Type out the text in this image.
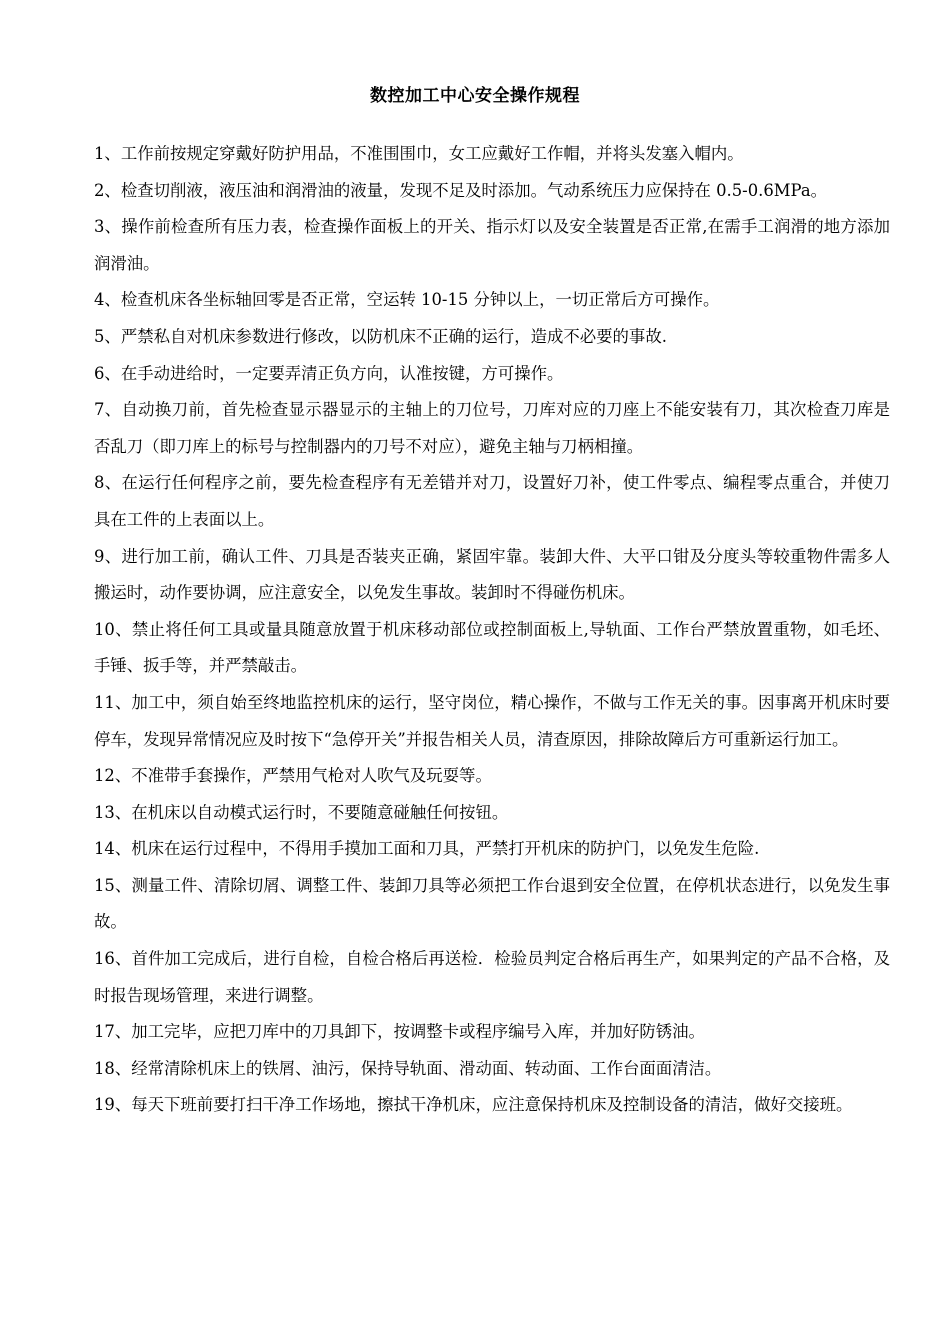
数控加工中心安全操作规程

1、工作前按规定穿戴好防护用品，不准围围巾，女工应戴好工作帽，并将头发塞入帽内。

2、检查切削液，液压油和润滑油的液量，发现不足及时添加。气动系统压力应保持在 0.5-0.6MPa。

3、操作前检查所有压力表，检查操作面板上的开关、指示灯以及安全装置是否正常,在需手工润滑的地方添加润滑油。

4、检查机床各坐标轴回零是否正常，空运转 10-15 分钟以上，一切正常后方可操作。

5、严禁私自对机床参数进行修改，以防机床不正确的运行，造成不必要的事故.

6、在手动进给时，一定要弄清正负方向，认准按键，方可操作。

7、自动换刀前，首先检查显示器显示的主轴上的刀位号，刀库对应的刀座上不能安装有刀，其次检查刀库是否乱刀（即刀库上的标号与控制器内的刀号不对应），避免主轴与刀柄相撞。

8、在运行任何程序之前，要先检查程序有无差错并对刀，设置好刀补，使工件零点、编程零点重合，并使刀具在工件的上表面以上。

9、进行加工前，确认工件、刀具是否装夹正确，紧固牢靠。装卸大件、大平口钳及分度头等较重物件需多人搬运时，动作要协调，应注意安全，以免发生事故。装卸时不得碰伤机床。

10、禁止将任何工具或量具随意放置于机床移动部位或控制面板上,导轨面、工作台严禁放置重物，如毛坯、手锤、扳手等，并严禁敲击。

11、加工中，须自始至终地监控机床的运行，坚守岗位，精心操作，不做与工作无关的事。因事离开机床时要停车，发现异常情况应及时按下“急停开关”并报告相关人员，清查原因，排除故障后方可重新运行加工。

12、不准带手套操作，严禁用气枪对人吹气及玩耍等。

13、在机床以自动模式运行时，不要随意碰触任何按钮。

14、机床在运行过程中，不得用手摸加工面和刀具，严禁打开机床的防护门，以免发生危险.

15、测量工件、清除切屑、调整工件、装卸刀具等必须把工作台退到安全位置，在停机状态进行，以免发生事故。

16、首件加工完成后，进行自检，自检合格后再送检．检验员判定合格后再生产，如果判定的产品不合格，及时报告现场管理，来进行调整。

17、加工完毕，应把刀库中的刀具卸下，按调整卡或程序编号入库，并加好防锈油。

18、经常清除机床上的铁屑、油污，保持导轨面、滑动面、转动面、工作台面面清洁。

19、每天下班前要打扫干净工作场地，擦拭干净机床，应注意保持机床及控制设备的清洁，做好交接班。
